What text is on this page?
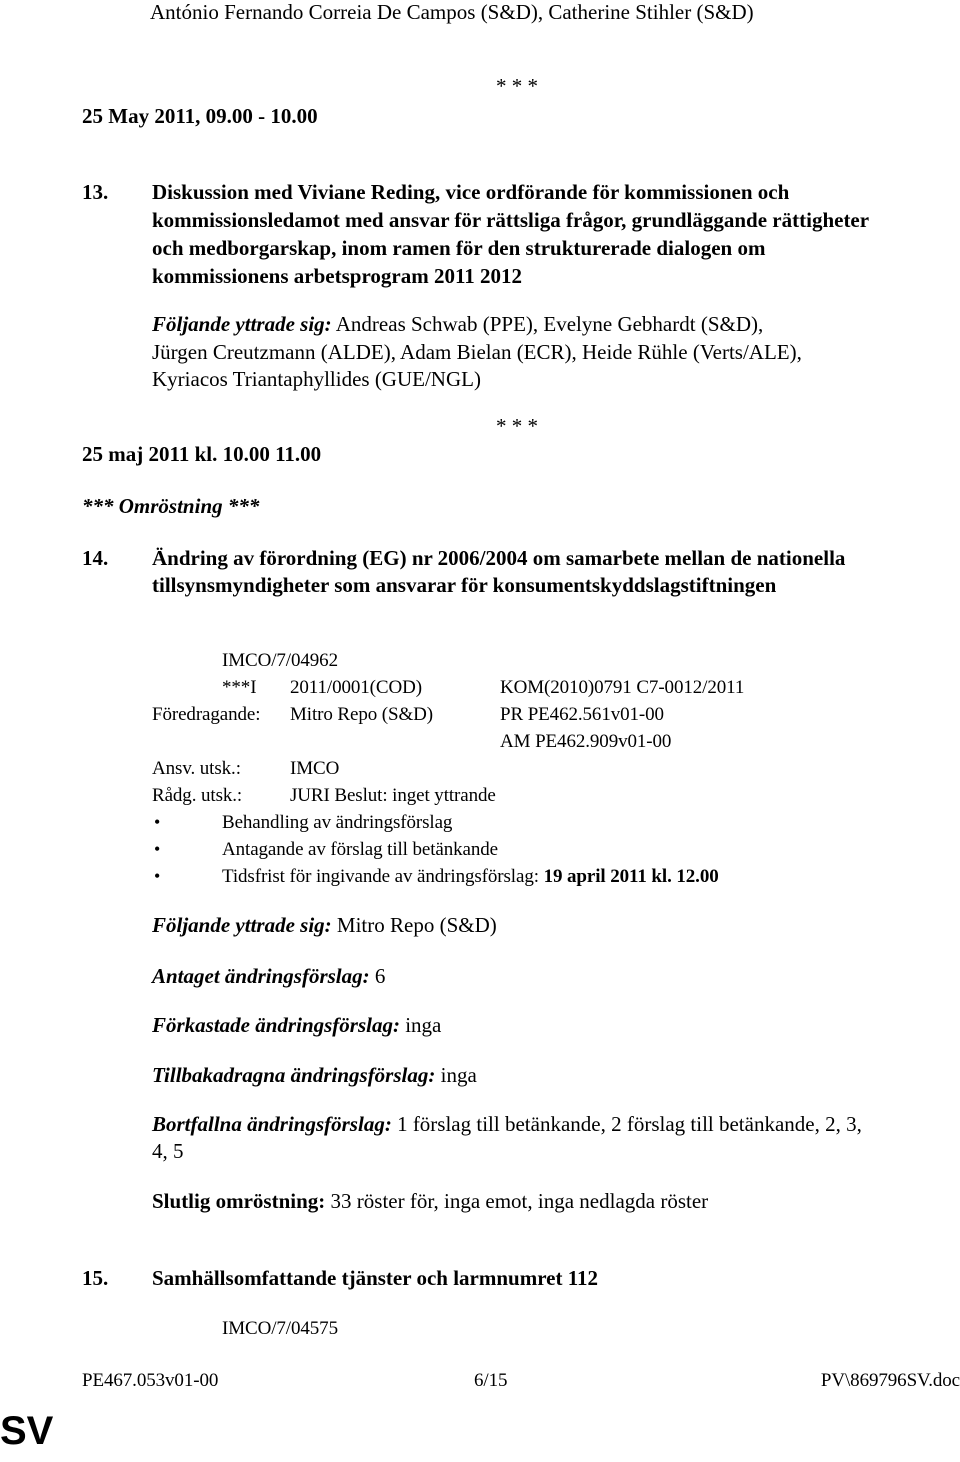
António Fernando Correia De Campos (S&D), Catherine Stihler (S&D)
* * *
25 May 2011, 09.00 - 10.00
13. Diskussion med Viviane Reding, vice ordförande för kommissionen och
kommissionsledamot med ansvar för rättsliga frågor, grundläggande rättigheter
och medborgarskap, inom ramen för den strukturerade dialogen om
kommissionens arbetsprogram 2011 2012
Följande yttrade sig: Andreas Schwab (PPE), Evelyne Gebhardt (S&D),
Jürgen Creutzmann (ALDE), Adam Bielan (ECR), Heide Rühle (Verts/ALE),
Kyriacos Triantaphyllides (GUE/NGL)
* * *
25 maj 2011 kl. 10.00 11.00
*** Omröstning ***
14. Ändring av förordning (EG) nr 2006/2004 om samarbete mellan de nationella
tillsynsmyndigheter som ansvarar för konsumentskyddslagstiftningen
IMCO/7/04962
***I 2011/0001(COD)	KOM(2010)0791 C7-0012/2011
Föredragande: Mitro Repo (S&D)	PR PE462.561v01-00
AM PE462.909v01-00
Ansv. utsk.:	IMCO
Rådg. utsk.:	JURI Beslut: inget yttrande
•	Behandling av ändringsförslag
•	Antagande av förslag till betänkande
•	Tidsfrist för ingivande av ändringsförslag: 19 april 2011 kl. 12.00
Följande yttrade sig: Mitro Repo (S&D)
Antaget ändringsförslag: 6
Förkastade ändringsförslag: inga
Tillbakadragna ändringsförslag: inga
Bortfallna ändringsförslag: 1 förslag till betänkande, 2 förslag till betänkande, 2, 3,
4, 5
Slutlig omröstning: 33 röster för, inga emot, inga nedlagda röster
15. Samhällsomfattande tjänster och larmnumret 112
IMCO/7/04575
PE467.053v01-00	6/15	PV\869796SV.doc
SV
